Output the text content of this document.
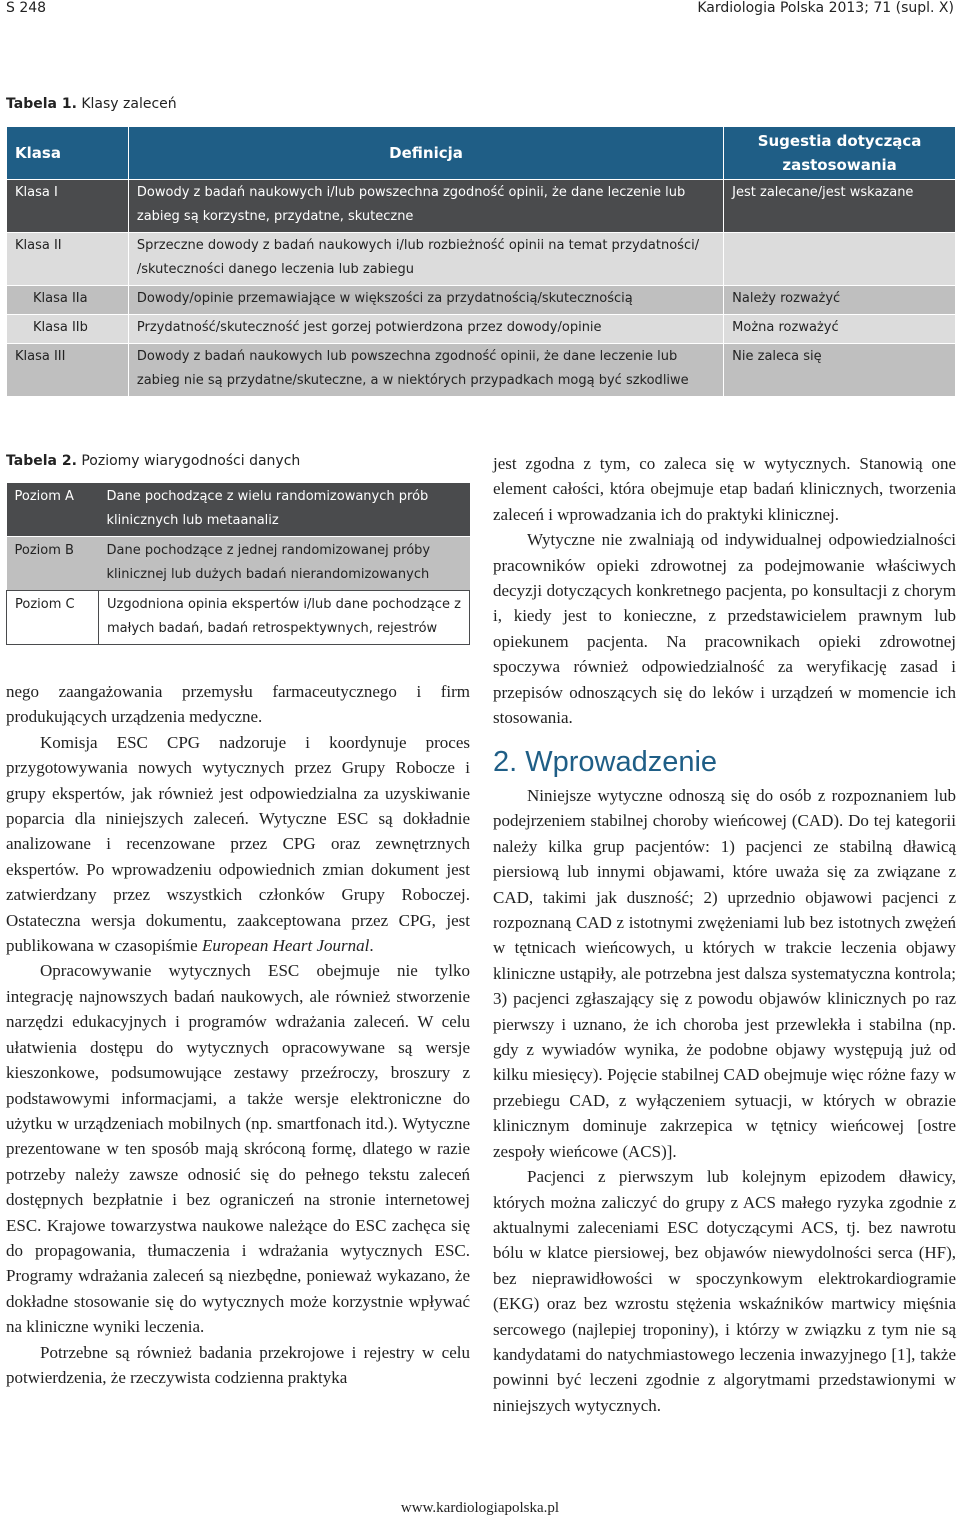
S 248	Kardiologia Polska 2013; 71 (supl. X)
Tabela 1. Klasy zaleceń
Klasa	Definicja	Sugestia dotycząca zastosowania
Klasa I	Dowody z badań naukowych i/lub powszechna zgodność opinii, że dane leczenie lub zabieg są korzystne, przydatne, skuteczne	Jest zalecane/jest wskazane
Klasa II	Sprzeczne dowody z badań naukowych i/lub rozbieżność opinii na temat przydatności/ /skuteczności danego leczenia lub zabiegu	
Klasa IIa	Dowody/opinie przemawiające w większości za przydatnością/skutecznością	Należy rozważyć
Klasa IIb	Przydatność/skuteczność jest gorzej potwierdzona przez dowody/opinie	Można rozważyć
Klasa III	Dowody z badań naukowych lub powszechna zgodność opinii, że dane leczenie lub zabieg nie są przydatne/skuteczne, a w niektórych przypadkach mogą być szkodliwe	Nie zaleca się
Tabela 2. Poziomy wiarygodności danych
Poziom A	Dane pochodzące z wielu randomizowanych prób klinicznych lub metaanaliz
Poziom B	Dane pochodzące z jednej randomizowanej próby klinicznej lub dużych badań nierandomizowanych
Poziom C	Uzgodniona opinia ekspertów i/lub dane pochodzące z małych badań, badań retrospektywnych, rejestrów

nego zaangażowania przemysłu farmaceutycznego i firm produkujących urządzenia medyczne.

Komisja ESC CPG nadzoruje i koordynuje proces przygotowywania nowych wytycznych przez Grupy Robocze i grupy ekspertów, jak również jest odpowiedzialna za uzyskiwanie poparcia dla niniejszych zaleceń. Wytyczne ESC są dokładnie analizowane i recenzowane przez CPG oraz zewnętrznych ekspertów. Po wprowadzeniu odpowiednich zmian dokument jest zatwierdzany przez wszystkich członków Grupy Roboczej. Ostateczna wersja dokumentu, zaakceptowana przez CPG, jest publikowana w czasopiśmie European Heart Journal.

Opracowywanie wytycznych ESC obejmuje nie tylko integrację najnowszych badań naukowych, ale również stworzenie narzędzi edukacyjnych i programów wdrażania zaleceń. W celu ułatwienia dostępu do wytycznych opracowywane są wersje kieszonkowe, podsumowujące zestawy przeźroczy, broszury z podstawowymi informacjami, a także wersje elektroniczne do użytku w urządzeniach mobilnych (np. smartfonach itd.). Wytyczne prezentowane w ten sposób mają skróconą formę, dlatego w razie potrzeby należy zawsze odnosić się do pełnego tekstu zaleceń dostępnych bezpłatnie i bez ograniczeń na stronie internetowej ESC. Krajowe towarzystwa naukowe należące do ESC zachęca się do propagowania, tłumaczenia i wdrażania wytycznych ESC. Programy wdrażania zaleceń są niezbędne, ponieważ wykazano, że dokładne stosowanie się do wytycznych może korzystnie wpływać na kliniczne wyniki leczenia.

Potrzebne są również badania przekrojowe i rejestry w celu potwierdzenia, że rzeczywista codzienna praktyka

jest zgodna z tym, co zaleca się w wytycznych. Stanowią one element całości, która obejmuje etap badań klinicznych, tworzenia zaleceń i wprowadzania ich do praktyki klinicznej.

Wytyczne nie zwalniają od indywidualnej odpowiedzialności pracowników opieki zdrowotnej za podejmowanie właściwych decyzji dotyczących konkretnego pacjenta, po konsultacji z chorym i, kiedy jest to konieczne, z przedstawicielem prawnym lub opiekunem pacjenta. Na pracownikach opieki zdrowotnej spoczywa również odpowiedzialność za weryfikację zasad i przepisów odnoszących się do leków i urządzeń w momencie ich stosowania.

2. Wprowadzenie

Niniejsze wytyczne odnoszą się do osób z rozpoznaniem lub podejrzeniem stabilnej choroby wieńcowej (CAD). Do tej kategorii należy kilka grup pacjentów: 1) pacjenci ze stabilną dławicą piersiową lub innymi objawami, które uważa się za związane z CAD, takimi jak duszność; 2) uprzednio objawowi pacjenci z rozpoznaną CAD z istotnymi zwężeniami lub bez istotnych zwężeń w tętnicach wieńcowych, u których w trakcie leczenia objawy kliniczne ustąpiły, ale potrzebna jest dalsza systematyczna kontrola; 3) pacjenci zgłaszający się z powodu objawów klinicznych po raz pierwszy i uznano, że ich choroba jest przewlekła i stabilna (np. gdy z wywiadów wynika, że podobne objawy występują już od kilku miesięcy). Pojęcie stabilnej CAD obejmuje więc różne fazy w przebiegu CAD, z wyłączeniem sytuacji, w których w obrazie klinicznym dominuje zakrzepica w tętnicy wieńcowej [ostre zespoły wieńcowe (ACS)].

Pacjenci z pierwszym lub kolejnym epizodem dławicy, których można zaliczyć do grupy z ACS małego ryzyka zgodnie z aktualnymi zaleceniami ESC dotyczącymi ACS, tj. bez nawrotu bólu w klatce piersiowej, bez objawów niewydolności serca (HF), bez nieprawidłowości w spoczynkowym elektrokardiogramie (EKG) oraz bez wzrostu stężenia wskaźników martwicy mięśnia sercowego (najlepiej troponiny), i którzy w związku z tym nie są kandydatami do natychmiastowego leczenia inwazyjnego [1], także powinni być leczeni zgodnie z algorytmami przedstawionymi w niniejszych wytycznych.

www.kardiologiapolska.pl
